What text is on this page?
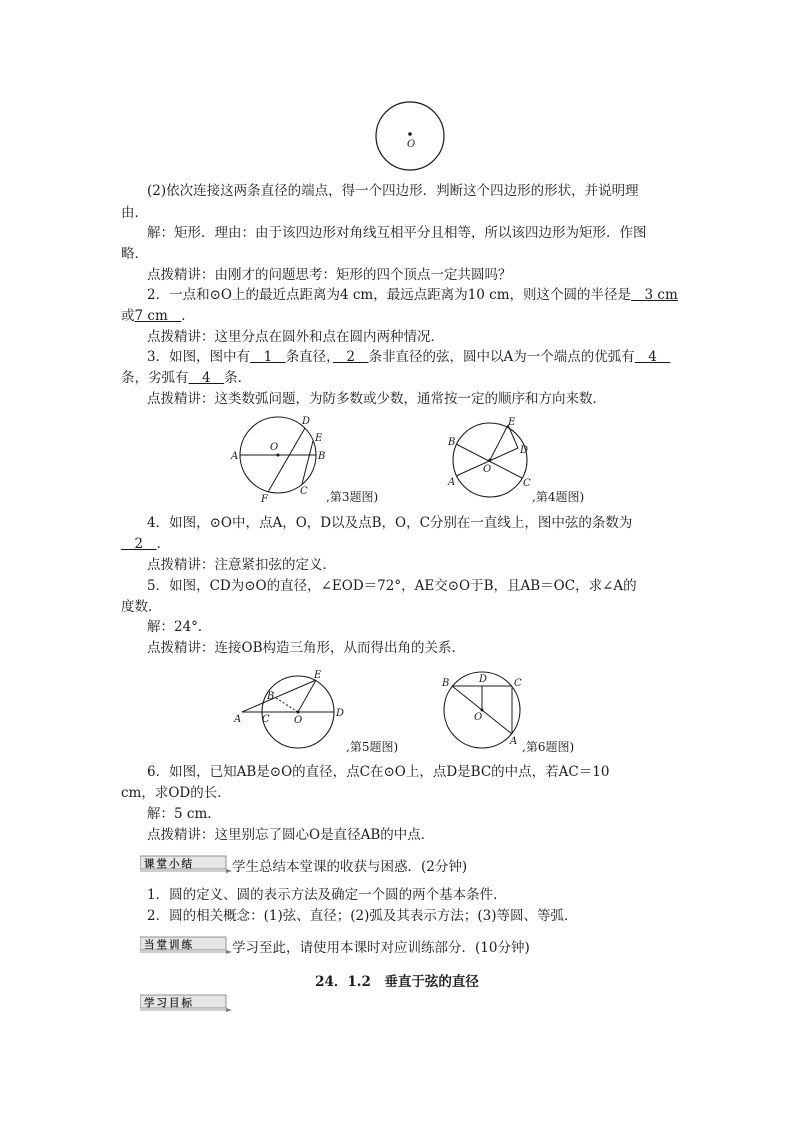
O
(2)依次连接这两条直径的端点，得一个四边形．判断这个四边形的形状，并说明理
由．
解：矩形．理由：由于该四边形对角线互相平分且相等，所以该四边形为矩形．作图
略．
点拨精讲：由刚才的问题思考：矩形的四个顶点一定共圆吗？
2．一点和⊙O上的最近点距离为4 cm，最远点距离为10 cm，则这个圆的半径是　3 cm
或7 cm　．
点拨精讲：这里分点在圆外和点在圆内两种情况．
3．如图，图中有　1　条直径，　2　条非直径的弦，圆中以A为一个端点的优弧有　4　
条，劣弧有　4　条．
点拨精讲：这类数弧问题，为防多数或少数，通常按一定的顺序和方向来数．
A	B
C
D
E
F
O
,第3题图)
A
B
C
D
E
O
,第4题图)
4．如图，⊙O中，点A，O，D以及点B，O，C分别在一直线上，图中弦的条数为
　2　．
点拨精讲：注意紧扣弦的定义．
5．如图，CD为⊙O的直径，∠EOD＝72°，AE交⊙O于B，且AB＝OC，求∠A的
度数．
解：24°．
点拨精讲：连接OB构造三角形，从而得出角的关系．
A
B
C
D
E
O
,第5题图)	A
B	C
D
O
,第6题图)
6．如图，已知AB是⊙O的直径，点C在⊙O上，点D是BC的中点，若AC＝10
cm，求OD的长．
解：5 cm.
点拨精讲：这里别忘了圆心O是直径AB的中点．
课堂小结	学生总结本堂课的收获与困惑．(2分钟)
1．圆的定义、圆的表示方法及确定一个圆的两个基本条件．
2．圆的相关概念：(1)弦、直径；(2)弧及其表示方法；(3)等圆、等弧．
当堂训练	学习至此，请使用本课时对应训练部分．(10分钟)
24．1.2　垂直于弦的直径
学习目标
